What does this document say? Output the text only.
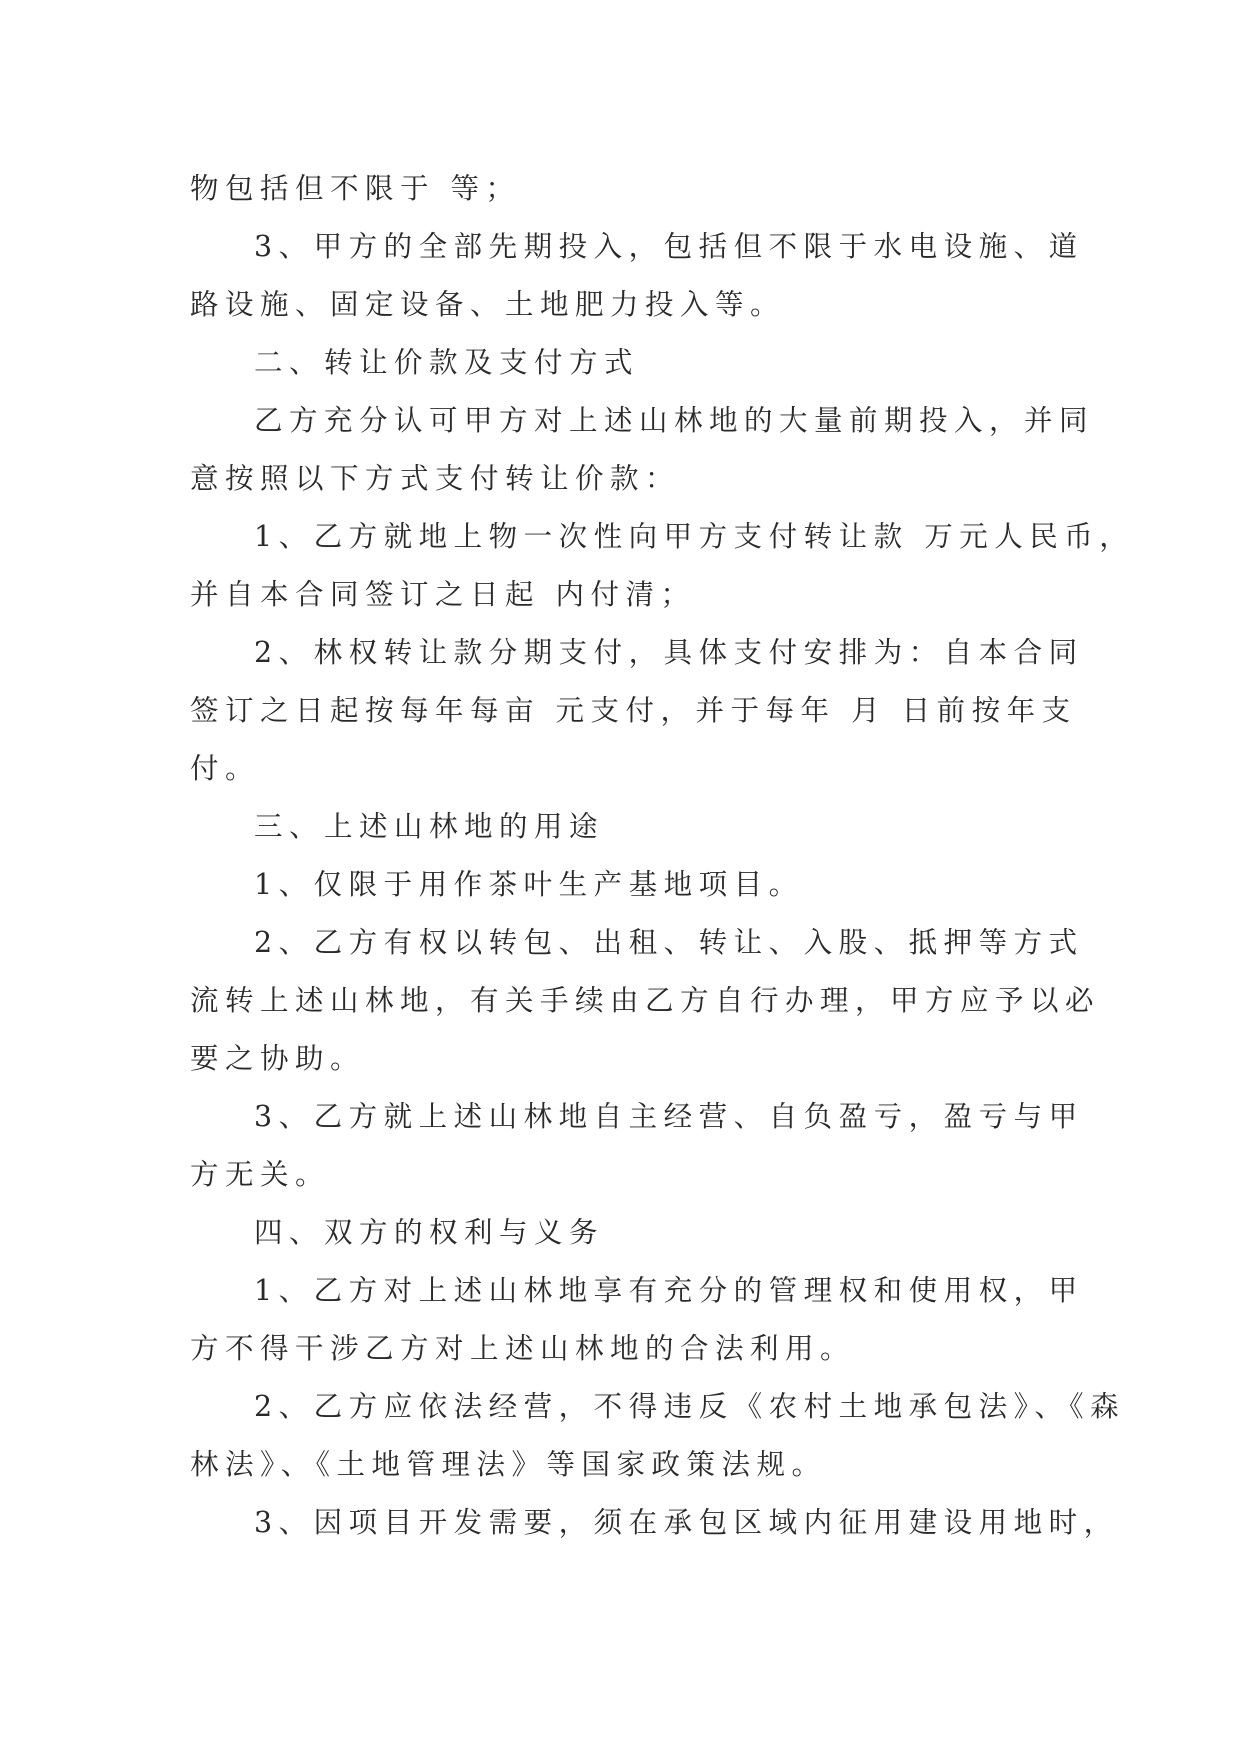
物包括但不限于 等；
3、甲方的全部先期投入，包括但不限于水电设施、道
路设施、固定设备、土地肥力投入等。
二、转让价款及支付方式
乙方充分认可甲方对上述山林地的大量前期投入，并同
意按照以下方式支付转让价款：
1、乙方就地上物一次性向甲方支付转让款 万元人民币，
并自本合同签订之日起 内付清；
2、林权转让款分期支付，具体支付安排为：自本合同
签订之日起按每年每亩 元支付，并于每年 月 日前按年支
付。
三、上述山林地的用途
1、仅限于用作茶叶生产基地项目。
2、乙方有权以转包、出租、转让、入股、抵押等方式
流转上述山林地，有关手续由乙方自行办理，甲方应予以必
要之协助。
3、乙方就上述山林地自主经营、自负盈亏，盈亏与甲
方无关。
四、双方的权利与义务
1、乙方对上述山林地享有充分的管理权和使用权，甲
方不得干涉乙方对上述山林地的合法利用。
2、乙方应依法经营，不得违反《农村土地承包法》、《森
林法》、《土地管理法》等国家政策法规。
3、因项目开发需要，须在承包区域内征用建设用地时，
